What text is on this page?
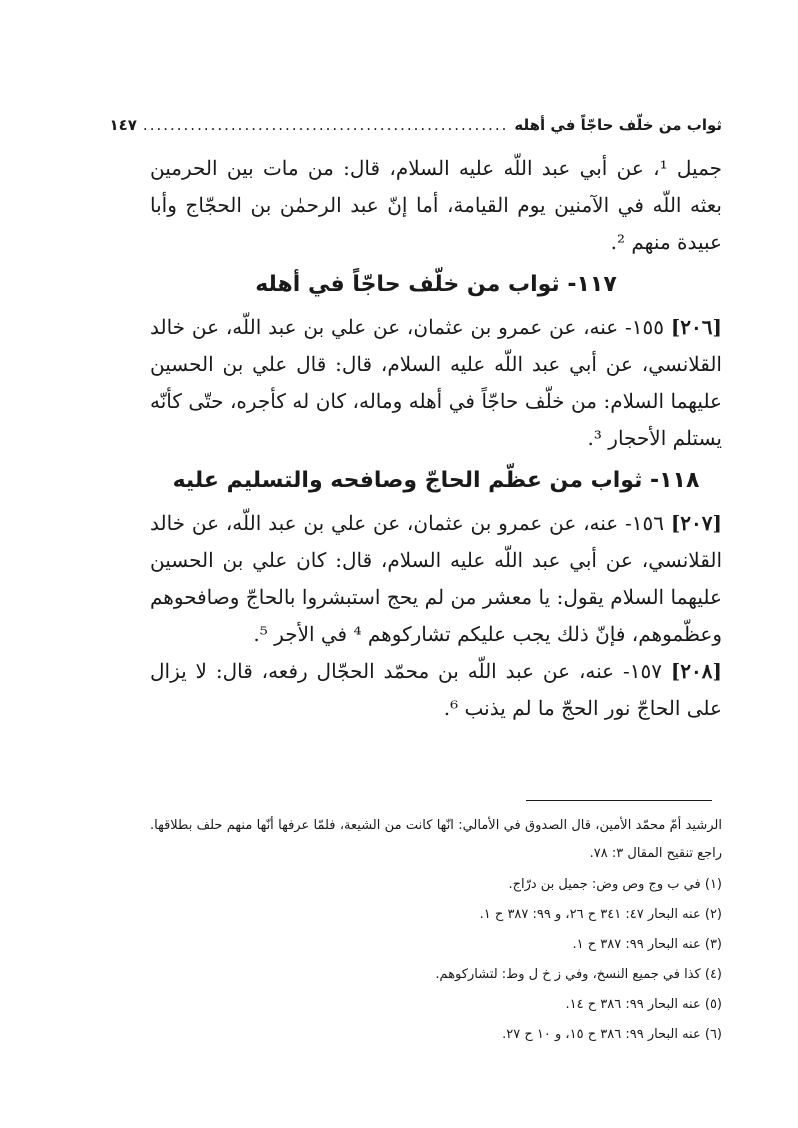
ثواب من خلّف حاجّاً في أهله
......................................................
١٤٧

جميل ¹، عن أبي عبد اللّه عليه السلام، قال: من مات بين الحرمين بعثه اللّه في الآمنين يوم القيامة، أما إنّ عبد الرحمٰن بن الحجّاج وأبا عبيدة منهم ².

١١٧- ثواب من خلّف حاجّاً في أهله

[٢٠٦] ١٥٥- عنه، عن عمرو بن عثمان، عن علي بن عبد اللّه، عن خالد القلانسي، عن أبي عبد اللّه عليه السلام، قال: قال علي بن الحسين عليهما السلام: من خلّف حاجّاً في أهله وماله، كان له كأجره، حتّى كأنّه يستلم الأحجار ³.

١١٨- ثواب من عظّم الحاجّ وصافحه والتسليم عليه

[٢٠٧] ١٥٦- عنه، عن عمرو بن عثمان، عن علي بن عبد اللّه، عن خالد القلانسي، عن أبي عبد اللّه عليه السلام، قال: كان علي بن الحسين عليهما السلام يقول: يا معشر من لم يحج استبشروا بالحاجّ وصافحوهم وعظّموهم، فإنّ ذلك يجب عليكم تشاركوهم ⁴ في الأجر ⁵.

[٢٠٨] ١٥٧- عنه، عن عبد اللّه بن محمّد الحجّال رفعه، قال: لا يزال على الحاجّ نور الحجّ ما لم يذنب ⁶.

الرشيد أمّ محمّد الأمين، قال الصدوق في الأمالي: انّها كانت من الشيعة، فلمّا عرفها أنّها منهم حلف بطلاقها. راجع تنقيح المقال ٣: ٧٨.
(١) في ب وج وص وض: جميل بن درّاج.
(٢) عنه البحار ٤٧: ٣٤١ ح ٢٦، و ٩٩: ٣٨٧ ح ١.
(٣) عنه البحار ٩٩: ٣٨٧ ح ١.
(٤) كذا في جميع النسخ، وفي ز خ ل وط: لتشاركوهم.
(٥) عنه البحار ٩٩: ٣٨٦ ح ١٤.
(٦) عنه البحار ٩٩: ٣٨٦ ح ١٥، و ١٠ ح ٢٧.
